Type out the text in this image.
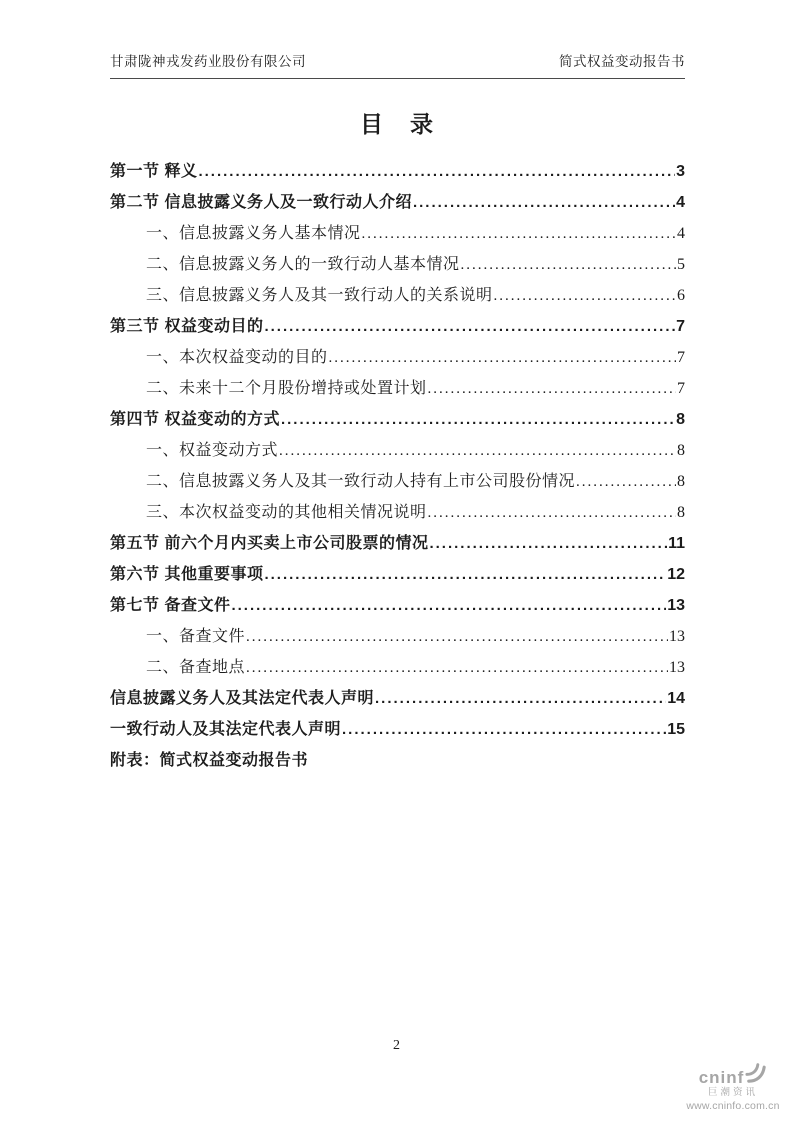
甘肃陇神戎发药业股份有限公司	简式权益变动报告书
目　录
第一节 释义 .....	3
第二节 信息披露义务人及一致行动人介绍 .....	4
一、信息披露义务人基本情况 .....	4
二、信息披露义务人的一致行动人基本情况 .....	5
三、信息披露义务人及其一致行动人的关系说明 .....	6
第三节 权益变动目的 .....	7
一、本次权益变动的目的 .....	7
二、未来十二个月股份增持或处置计划 .....	7
第四节 权益变动的方式 .....	8
一、权益变动方式 .....	8
二、信息披露义务人及其一致行动人持有上市公司股份情况 .....	8
三、本次权益变动的其他相关情况说明 .....	8
第五节 前六个月内买卖上市公司股票的情况 .....	11
第六节 其他重要事项 .....	12
第七节 备查文件 .....	13
一、备查文件 .....	13
二、备查地点 .....	13
信息披露义务人及其法定代表人声明 .....	14
一致行动人及其法定代表人声明 .....	15
附表：简式权益变动报告书
2
cninf
巨潮资讯
www.cninfo.com.cn
